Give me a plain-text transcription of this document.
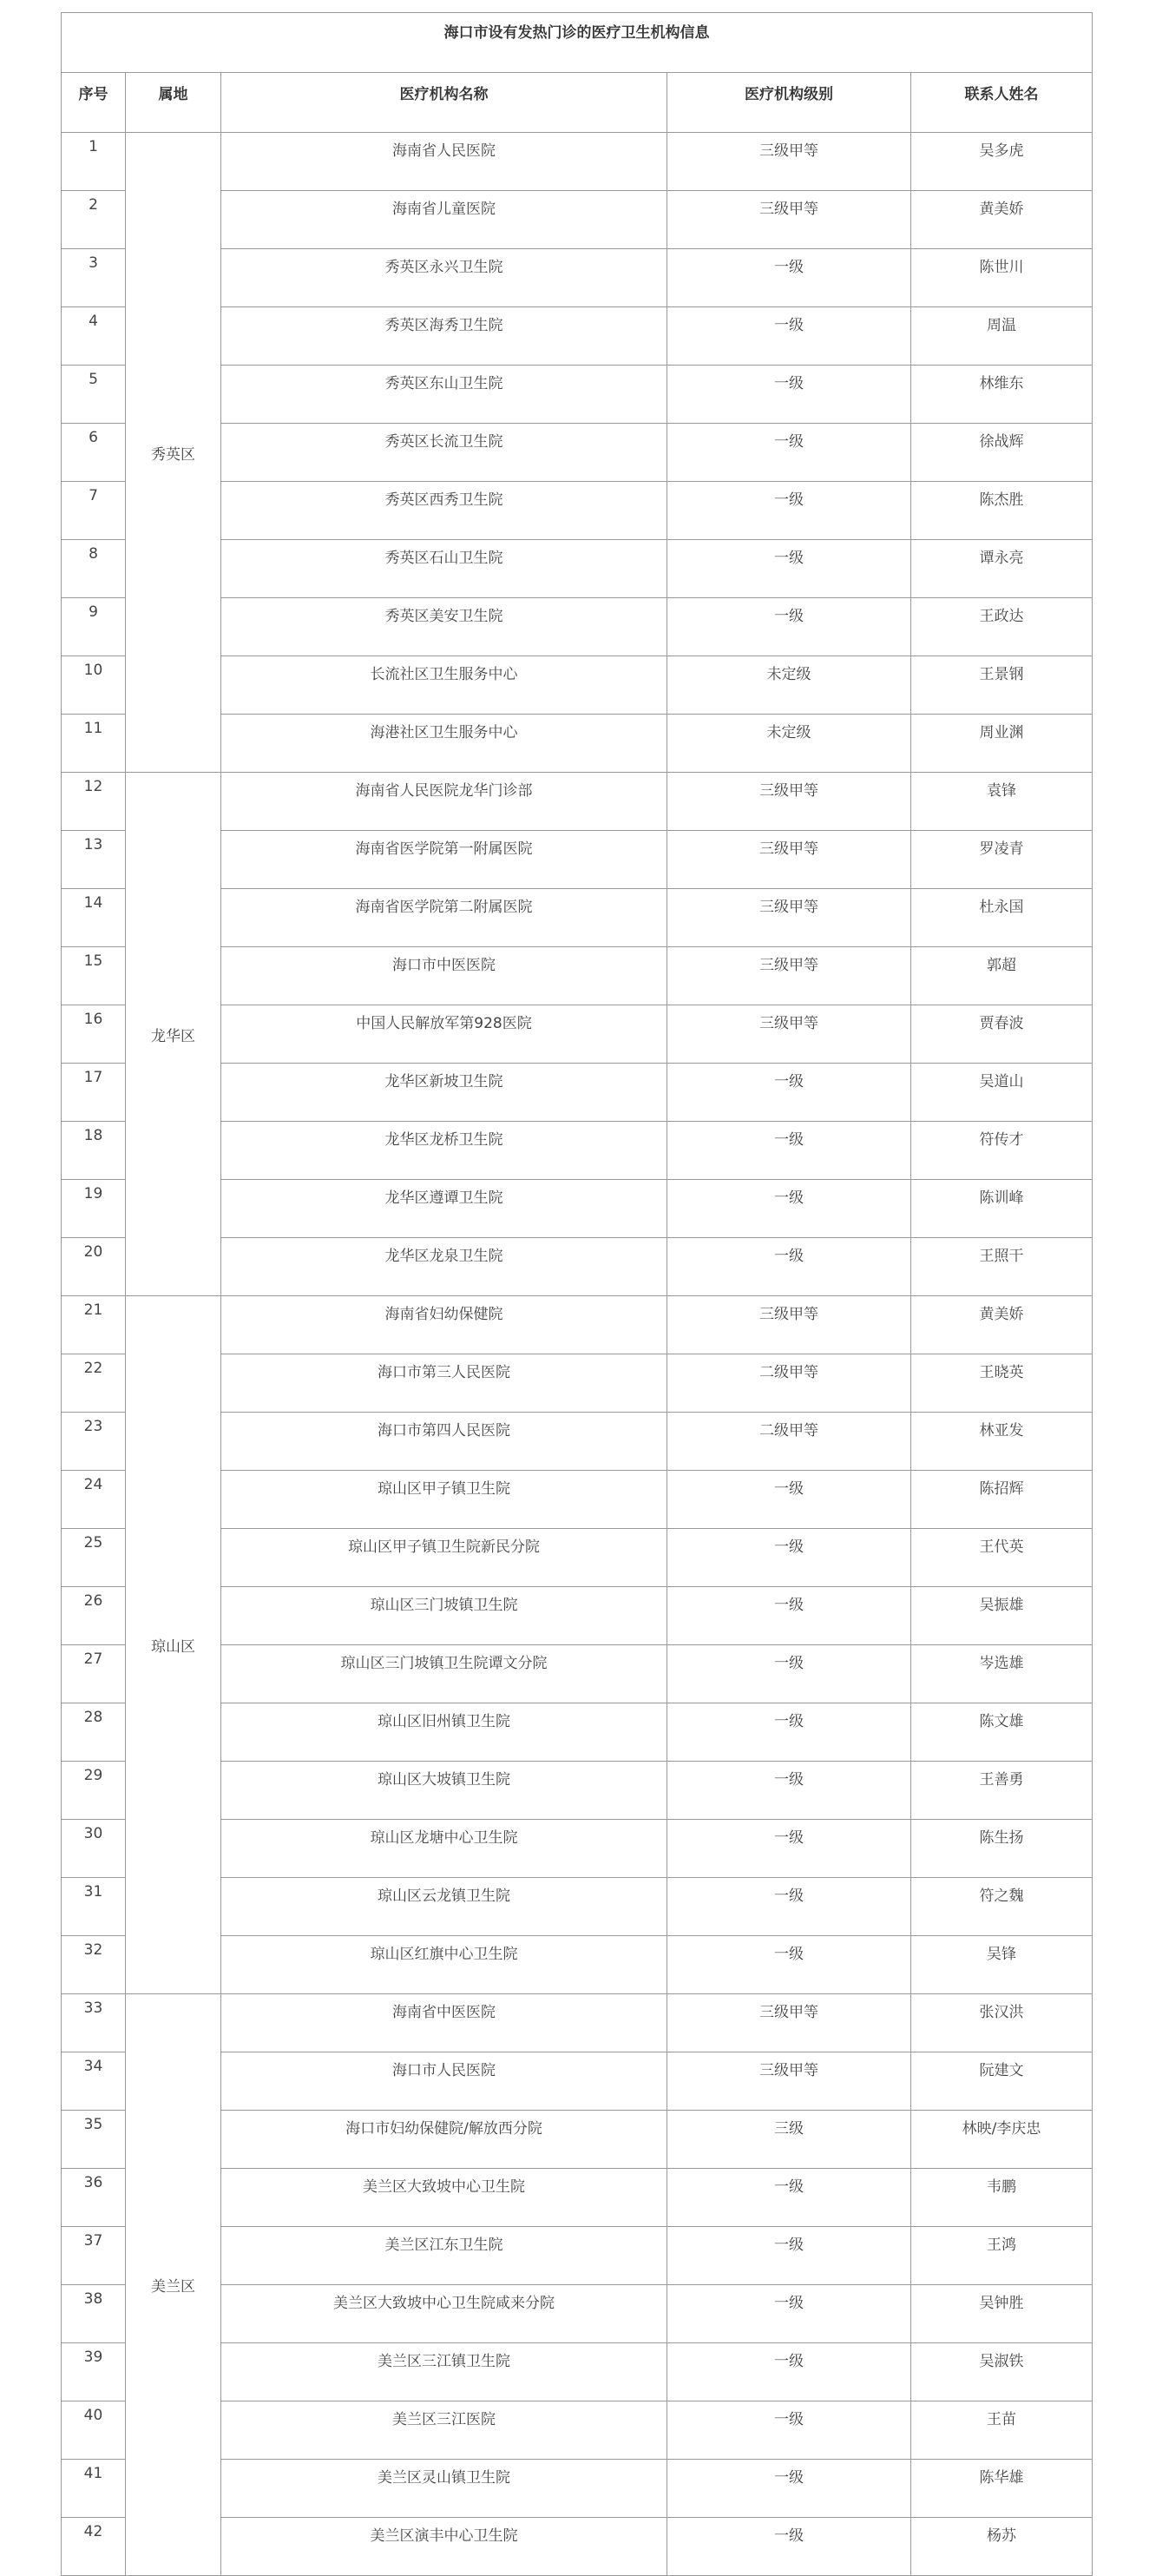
海口市设有发热门诊的医疗卫生机构信息				
序号	属地	医疗机构名称	医疗机构级别	联系人姓名
1	秀英区	海南省人民医院	三级甲等	吴多虎
2		海南省儿童医院	三级甲等	黄美娇
3		秀英区永兴卫生院	一级	陈世川
4		秀英区海秀卫生院	一级	周温
5		秀英区东山卫生院	一级	林维东
6		秀英区长流卫生院	一级	徐战辉
7		秀英区西秀卫生院	一级	陈杰胜
8		秀英区石山卫生院	一级	谭永亮
9		秀英区美安卫生院	一级	王政达
10		长流社区卫生服务中心	未定级	王景钢
11		海港社区卫生服务中心	未定级	周业渊
12	龙华区	海南省人民医院龙华门诊部	三级甲等	袁锋
13		海南省医学院第一附属医院	三级甲等	罗凌青
14		海南省医学院第二附属医院	三级甲等	杜永国
15		海口市中医医院	三级甲等	郭超
16		中国人民解放军第928医院	三级甲等	贾春波
17		龙华区新坡卫生院	一级	吴道山
18		龙华区龙桥卫生院	一级	符传才
19		龙华区遵谭卫生院	一级	陈训峰
20		龙华区龙泉卫生院	一级	王照干
21	琼山区	海南省妇幼保健院	三级甲等	黄美娇
22		海口市第三人民医院	二级甲等	王晓英
23		海口市第四人民医院	二级甲等	林亚发
24		琼山区甲子镇卫生院	一级	陈招辉
25		琼山区甲子镇卫生院新民分院	一级	王代英
26		琼山区三门坡镇卫生院	一级	吴振雄
27		琼山区三门坡镇卫生院谭文分院	一级	岑选雄
28		琼山区旧州镇卫生院	一级	陈文雄
29		琼山区大坡镇卫生院	一级	王善勇
30		琼山区龙塘中心卫生院	一级	陈生扬
31		琼山区云龙镇卫生院	一级	符之魏
32		琼山区红旗中心卫生院	一级	吴锋
33	美兰区	海南省中医医院	三级甲等	张汉洪
34		海口市人民医院	三级甲等	阮建文
35		海口市妇幼保健院/解放西分院	三级	林映/李庆忠
36		美兰区大致坡中心卫生院	一级	韦鹏
37		美兰区江东卫生院	一级	王鸿
38		美兰区大致坡中心卫生院咸来分院	一级	吴钟胜
39		美兰区三江镇卫生院	一级	吴淑铁
40		美兰区三江医院	一级	王苗
41		美兰区灵山镇卫生院	一级	陈华雄
42		美兰区演丰中心卫生院	一级	杨苏
